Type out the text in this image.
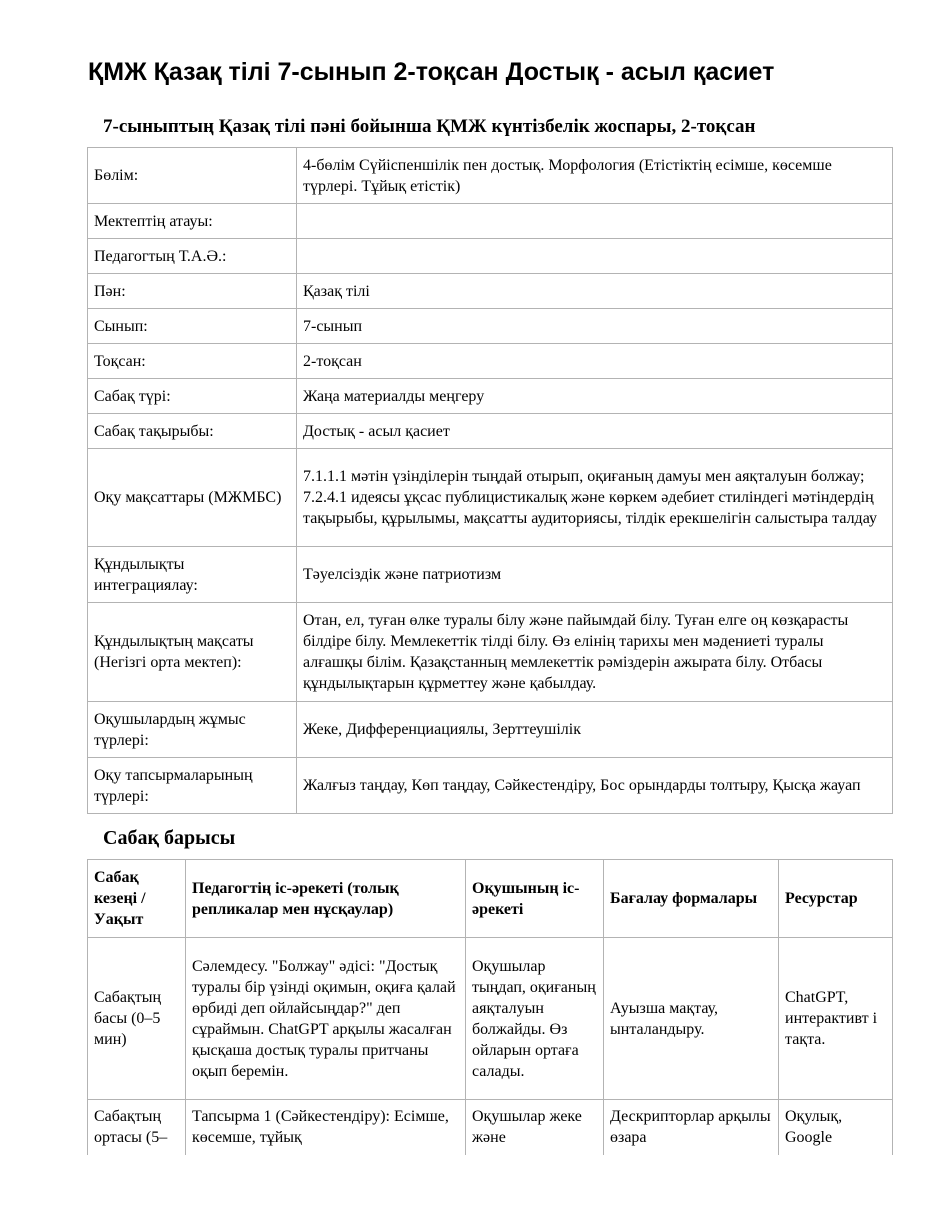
ҚМЖ Қазақ тілі 7-сынып 2-тоқсан Достық - асыл қасиет
7-сыныптың Қазақ тілі пәні бойынша ҚМЖ күнтізбелік жоспары, 2-тоқсан
Бөлім:	4-бөлім Сүйіспеншілік пен достық. Морфология (Етістіктің есімше, көсемше түрлері. Тұйық етістік)
Мектептің атауы:	
Педагогтың Т.А.Ә.:	
Пән:	Қазақ тілі
Сынып:	7-сынып
Тоқсан:	2-тоқсан
Сабақ түрі:	Жаңа материалды меңгеру
Сабақ тақырыбы:	Достық - асыл қасиет
Оқу мақсаттары (МЖМБС)	7.1.1.1 мәтін үзінділерін тыңдай отырып, оқиғаның дамуы мен аяқталуын болжау; 7.2.4.1 идеясы ұқсас публицистикалық және көркем әдебиет стиліндегі мәтіндердің тақырыбы, құрылымы, мақсатты аудиториясы, тілдік ерекшелігін салыстыра талдау
Құндылықты интеграциялау:	Тәуелсіздік және патриотизм
Құндылықтың мақсаты (Негізгі орта мектеп):	Отан, ел, туған өлке туралы білу және пайымдай білу. Туған елге оң көзқарасты білдіре білу. Мемлекеттік тілді білу. Өз елінің тарихы мен мәдениеті туралы алғашқы білім. Қазақстанның мемлекеттік рәміздерін ажырата білу. Отбасы құндылықтарын құрметтеу және қабылдау.
Оқушылардың жұмыс түрлері:	Жеке, Дифференциациялы, Зерттеушілік
Оқу тапсырмаларының түрлері:	Жалғыз таңдау, Көп таңдау, Сәйкестендіру, Бос орындарды толтыру, Қысқа жауап
Сабақ барысы
Сабақ кезеңі / Уақыт	Педагогтің іс-әрекеті (толық репликалар мен нұсқаулар)	Оқушының іс-әрекеті	Бағалау формалары	Ресурстар
Сабақтың басы (0–5 мин)	Сәлемдесу. "Болжау" әдісі: "Достық туралы бір үзінді оқимын, оқиға қалай өрбиді деп ойлайсыңдар?" деп сұраймын. ChatGPT арқылы жасалған қысқаша достық туралы притчаны оқып беремін.	Оқушылар тыңдап, оқиғаның аяқталуын болжайды. Өз ойларын ортаға салады.	Ауызша мақтау, ынталандыру.	ChatGPT, интерактивт і тақта.
Сабақтың ортасы (5–	Тапсырма 1 (Сәйкестендіру): Есімше, көсемше, тұйық	Оқушылар жеке және	Дескрипторлар арқылы өзара	Оқулық, Google
